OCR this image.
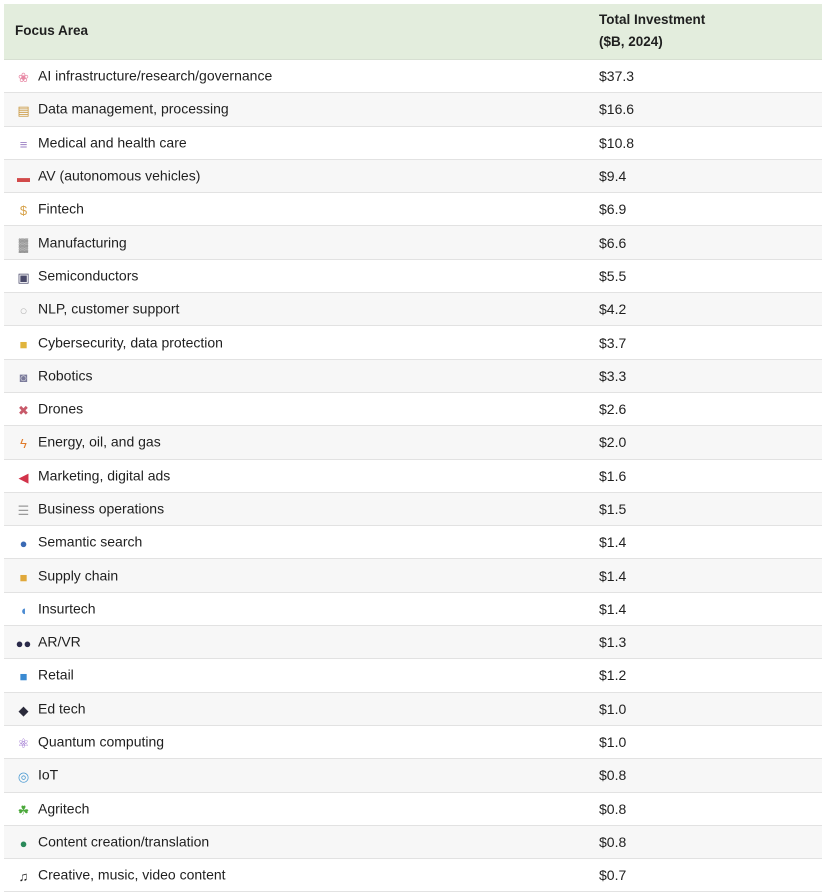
Focus Area	Total Investment
($B, 2024)
❀ AI infrastructure/research/governance	$37.3
▤ Data management, processing	$16.6
≡ Medical and health care	$10.8
▬ AV (autonomous vehicles)	$9.4
$ Fintech	$6.9
▓ Manufacturing	$6.6
▣ Semiconductors	$5.5
○ NLP, customer support	$4.2
■ Cybersecurity, data protection	$3.7
◙ Robotics	$3.3
✖ Drones	$2.6
ϟ Energy, oil, and gas	$2.0
◀ Marketing, digital ads	$1.6
☰ Business operations	$1.5
● Semantic search	$1.4
■ Supply chain	$1.4
◖ Insurtech	$1.4
●● AR/VR	$1.3
■ Retail	$1.2
◆ Ed tech	$1.0
⚛ Quantum computing	$1.0
◎ IoT	$0.8
☘ Agritech	$0.8
● Content creation/translation	$0.8
♫ Creative, music, video content	$0.7
